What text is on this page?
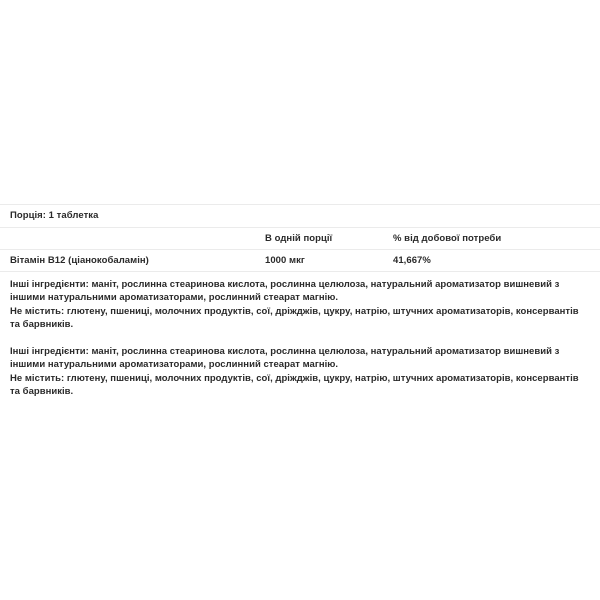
Порція: 1 таблетка		
	В одній порції	% від добової потреби
Вітамін B12 (ціанокобаламін)	1000 мкг	41,667%

Інші інгредієнти: маніт, рослинна стеаринова кислота, рослинна целюлоза, натуральний ароматизатор вишневий з іншими натуральними ароматизаторами, рослинний стеарат магнію.

Не містить: глютену, пшениці, молочних продуктів, сої, дріжджів, цукру, натрію, штучних ароматизаторів, консервантів та барвників.

Інші інгредієнти: маніт, рослинна стеаринова кислота, рослинна целюлоза, натуральний ароматизатор вишневий з іншими натуральними ароматизаторами, рослинний стеарат магнію.

Не містить: глютену, пшениці, молочних продуктів, сої, дріжджів, цукру, натрію, штучних ароматизаторів, консервантів та барвників.
